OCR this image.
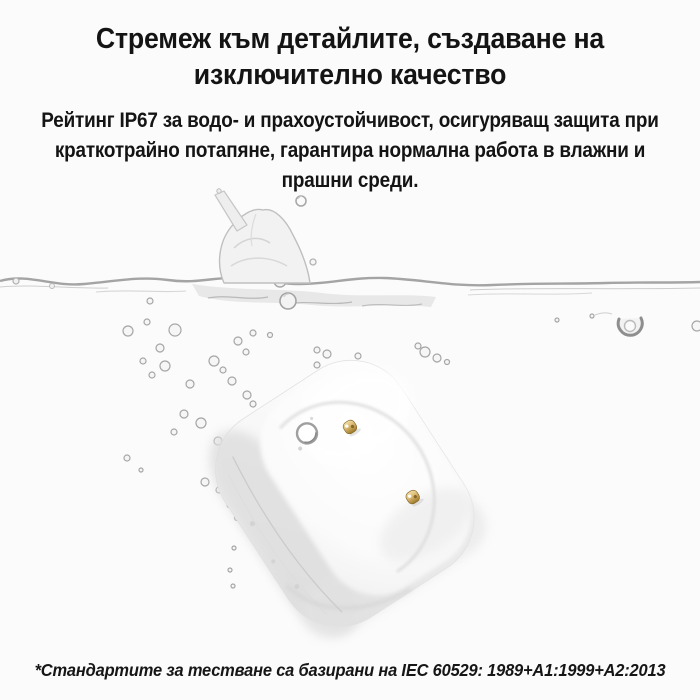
Стремеж към детайлите, създаване на
изключително качество

Рейтинг IP67 за водо- и прахоустойчивост, осигуряващ защита при
краткотрайно потапяне, гарантира нормална работа в влажни и
прашни среди.

*Стандартите за тестване са базирани на IEC 60529: 1989+A1:1999+A2:2013
